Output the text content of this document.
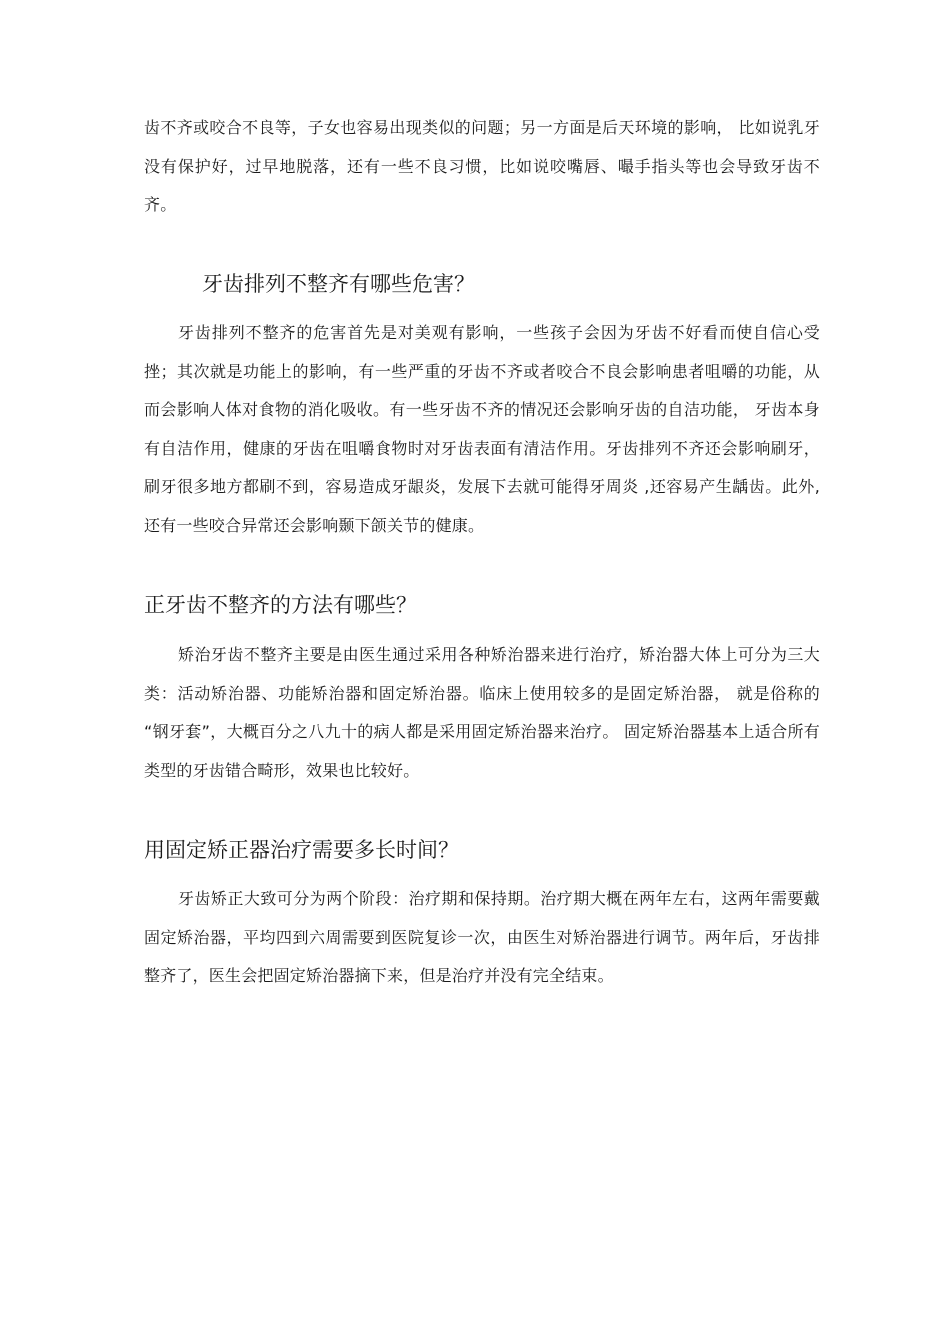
齿不齐或咬合不良等，子女也容易出现类似的问题；另一方面是后天环境的影响， 比如说乳牙没有保护好，过早地脱落，还有一些不良习惯，比如说咬嘴唇、嘬手指头等也会导致牙齿不齐。

牙齿排列不整齐有哪些危害？

牙齿排列不整齐的危害首先是对美观有影响，一些孩子会因为牙齿不好看而使自信心受挫；其次就是功能上的影响，有一些严重的牙齿不齐或者咬合不良会影响患者咀嚼的功能，从而会影响人体对食物的消化吸收。有一些牙齿不齐的情况还会影响牙齿的自洁功能， 牙齿本身有自洁作用，健康的牙齿在咀嚼食物时对牙齿表面有清洁作用。牙齿排列不齐还会影响刷牙，刷牙很多地方都刷不到，容易造成牙龈炎，发展下去就可能得牙周炎 ,还容易产生龋齿。此外,还有一些咬合异常还会影响颞下颌关节的健康。

正牙齿不整齐的方法有哪些？

矫治牙齿不整齐主要是由医生通过采用各种矫治器来进行治疗，矫治器大体上可分为三大类：活动矫治器、功能矫治器和固定矫治器。临床上使用较多的是固定矫治器， 就是俗称的 “钢牙套”，大概百分之八九十的病人都是采用固定矫治器来治疗。 固定矫治器基本上适合所有类型的牙齿错合畸形，效果也比较好。

用固定矫正器治疗需要多长时间？

牙齿矫正大致可分为两个阶段：治疗期和保持期。治疗期大概在两年左右，这两年需要戴固定矫治器，平均四到六周需要到医院复诊一次，由医生对矫治器进行调节。两年后，牙齿排整齐了，医生会把固定矫治器摘下来，但是治疗并没有完全结束。
